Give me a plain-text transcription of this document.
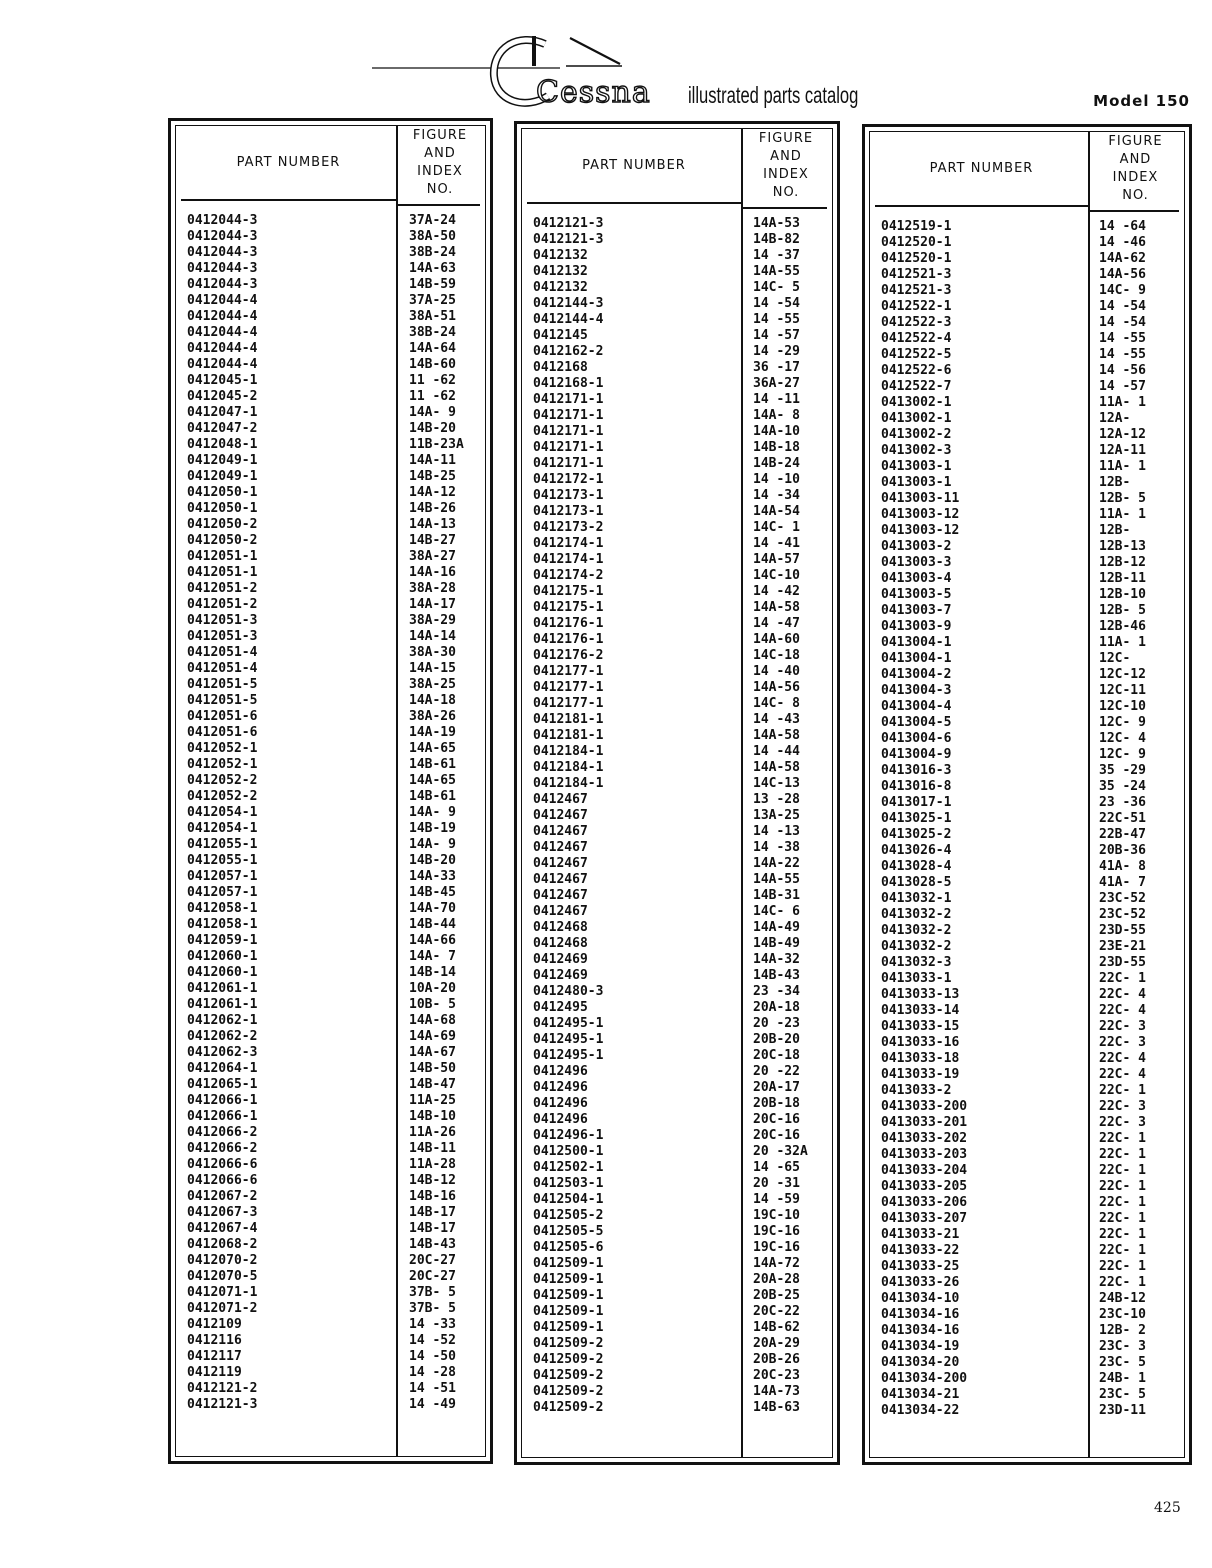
Cessna illustrated parts catalog	Model 150
PART NUMBER
FIGURE
AND
INDEX
NO.
0412044-3	37A-24
0412044-3	38A-50
0412044-3	38B-24
0412044-3	14A-63
0412044-3	14B-59
0412044-4	37A-25
0412044-4	38A-51
0412044-4	38B-24
0412044-4	14A-64
0412044-4	14B-60
0412045-1	11 -62
0412045-2	11 -62
0412047-1	14A- 9
0412047-2	14B-20
0412048-1	11B-23A
0412049-1	14A-11
0412049-1	14B-25
0412050-1	14A-12
0412050-1	14B-26
0412050-2	14A-13
0412050-2	14B-27
0412051-1	38A-27
0412051-1	14A-16
0412051-2	38A-28
0412051-2	14A-17
0412051-3	38A-29
0412051-3	14A-14
0412051-4	38A-30
0412051-4	14A-15
0412051-5	38A-25
0412051-5	14A-18
0412051-6	38A-26
0412051-6	14A-19
0412052-1	14A-65
0412052-1	14B-61
0412052-2	14A-65
0412052-2	14B-61
0412054-1	14A- 9
0412054-1	14B-19
0412055-1	14A- 9
0412055-1	14B-20
0412057-1	14A-33
0412057-1	14B-45
0412058-1	14A-70
0412058-1	14B-44
0412059-1	14A-66
0412060-1	14A- 7
0412060-1	14B-14
0412061-1	10A-20
0412061-1	10B- 5
0412062-1	14A-68
0412062-2	14A-69
0412062-3	14A-67
0412064-1	14B-50
0412065-1	14B-47
0412066-1	11A-25
0412066-1	14B-10
0412066-2	11A-26
0412066-2	14B-11
0412066-6	11A-28
0412066-6	14B-12
0412067-2	14B-16
0412067-3	14B-17
0412067-4	14B-17
0412068-2	14B-43
0412070-2	20C-27
0412070-5	20C-27
0412071-1	37B- 5
0412071-2	37B- 5
0412109	14 -33
0412116	14 -52
0412117	14 -50
0412119	14 -28
0412121-2	14 -51
0412121-3	14 -49
PART NUMBER
FIGURE
AND
INDEX
NO.
0412121-3	14A-53
0412121-3	14B-82
0412132	14 -37
0412132	14A-55
0412132	14C- 5
0412144-3	14 -54
0412144-4	14 -55
0412145	14 -57
0412162-2	14 -29
0412168	36 -17
0412168-1	36A-27
0412171-1	14 -11
0412171-1	14A- 8
0412171-1	14A-10
0412171-1	14B-18
0412171-1	14B-24
0412172-1	14 -10
0412173-1	14 -34
0412173-1	14A-54
0412173-2	14C- 1
0412174-1	14 -41
0412174-1	14A-57
0412174-2	14C-10
0412175-1	14 -42
0412175-1	14A-58
0412176-1	14 -47
0412176-1	14A-60
0412176-2	14C-18
0412177-1	14 -40
0412177-1	14A-56
0412177-1	14C- 8
0412181-1	14 -43
0412181-1	14A-58
0412184-1	14 -44
0412184-1	14A-58
0412184-1	14C-13
0412467	13 -28
0412467	13A-25
0412467	14 -13
0412467	14 -38
0412467	14A-22
0412467	14A-55
0412467	14B-31
0412467	14C- 6
0412468	14A-49
0412468	14B-49
0412469	14A-32
0412469	14B-43
0412480-3	23 -34
0412495	20A-18
0412495-1	20 -23
0412495-1	20B-20
0412495-1	20C-18
0412496	20 -22
0412496	20A-17
0412496	20B-18
0412496	20C-16
0412496-1	20C-16
0412500-1	20 -32A
0412502-1	14 -65
0412503-1	20 -31
0412504-1	14 -59
0412505-2	19C-10
0412505-5	19C-16
0412505-6	19C-16
0412509-1	14A-72
0412509-1	20A-28
0412509-1	20B-25
0412509-1	20C-22
0412509-1	14B-62
0412509-2	20A-29
0412509-2	20B-26
0412509-2	20C-23
0412509-2	14A-73
0412509-2	14B-63
PART NUMBER
FIGURE
AND
INDEX
NO.
0412519-1	14 -64
0412520-1	14 -46
0412520-1	14A-62
0412521-3	14A-56
0412521-3	14C- 9
0412522-1	14 -54
0412522-3	14 -54
0412522-4	14 -55
0412522-5	14 -55
0412522-6	14 -56
0412522-7	14 -57
0413002-1	11A- 1
0413002-1	12A-
0413002-2	12A-12
0413002-3	12A-11
0413003-1	11A- 1
0413003-1	12B-
0413003-11	12B- 5
0413003-12	11A- 1
0413003-12	12B-
0413003-2	12B-13
0413003-3	12B-12
0413003-4	12B-11
0413003-5	12B-10
0413003-7	12B- 5
0413003-9	12B-46
0413004-1	11A- 1
0413004-1	12C-
0413004-2	12C-12
0413004-3	12C-11
0413004-4	12C-10
0413004-5	12C- 9
0413004-6	12C- 4
0413004-9	12C- 9
0413016-3	35 -29
0413016-8	35 -24
0413017-1	23 -36
0413025-1	22C-51
0413025-2	22B-47
0413026-4	20B-36
0413028-4	41A- 8
0413028-5	41A- 7
0413032-1	23C-52
0413032-2	23C-52
0413032-2	23D-55
0413032-2	23E-21
0413032-3	23D-55
0413033-1	22C- 1
0413033-13	22C- 4
0413033-14	22C- 4
0413033-15	22C- 3
0413033-16	22C- 3
0413033-18	22C- 4
0413033-19	22C- 4
0413033-2	22C- 1
0413033-200	22C- 3
0413033-201	22C- 3
0413033-202	22C- 1
0413033-203	22C- 1
0413033-204	22C- 1
0413033-205	22C- 1
0413033-206	22C- 1
0413033-207	22C- 1
0413033-21	22C- 1
0413033-22	22C- 1
0413033-25	22C- 1
0413033-26	22C- 1
0413034-10	24B-12
0413034-16	23C-10
0413034-16	12B- 2
0413034-19	23C- 3
0413034-20	23C- 5
0413034-200	24B- 1
0413034-21	23C- 5
0413034-22	23D-11
425
